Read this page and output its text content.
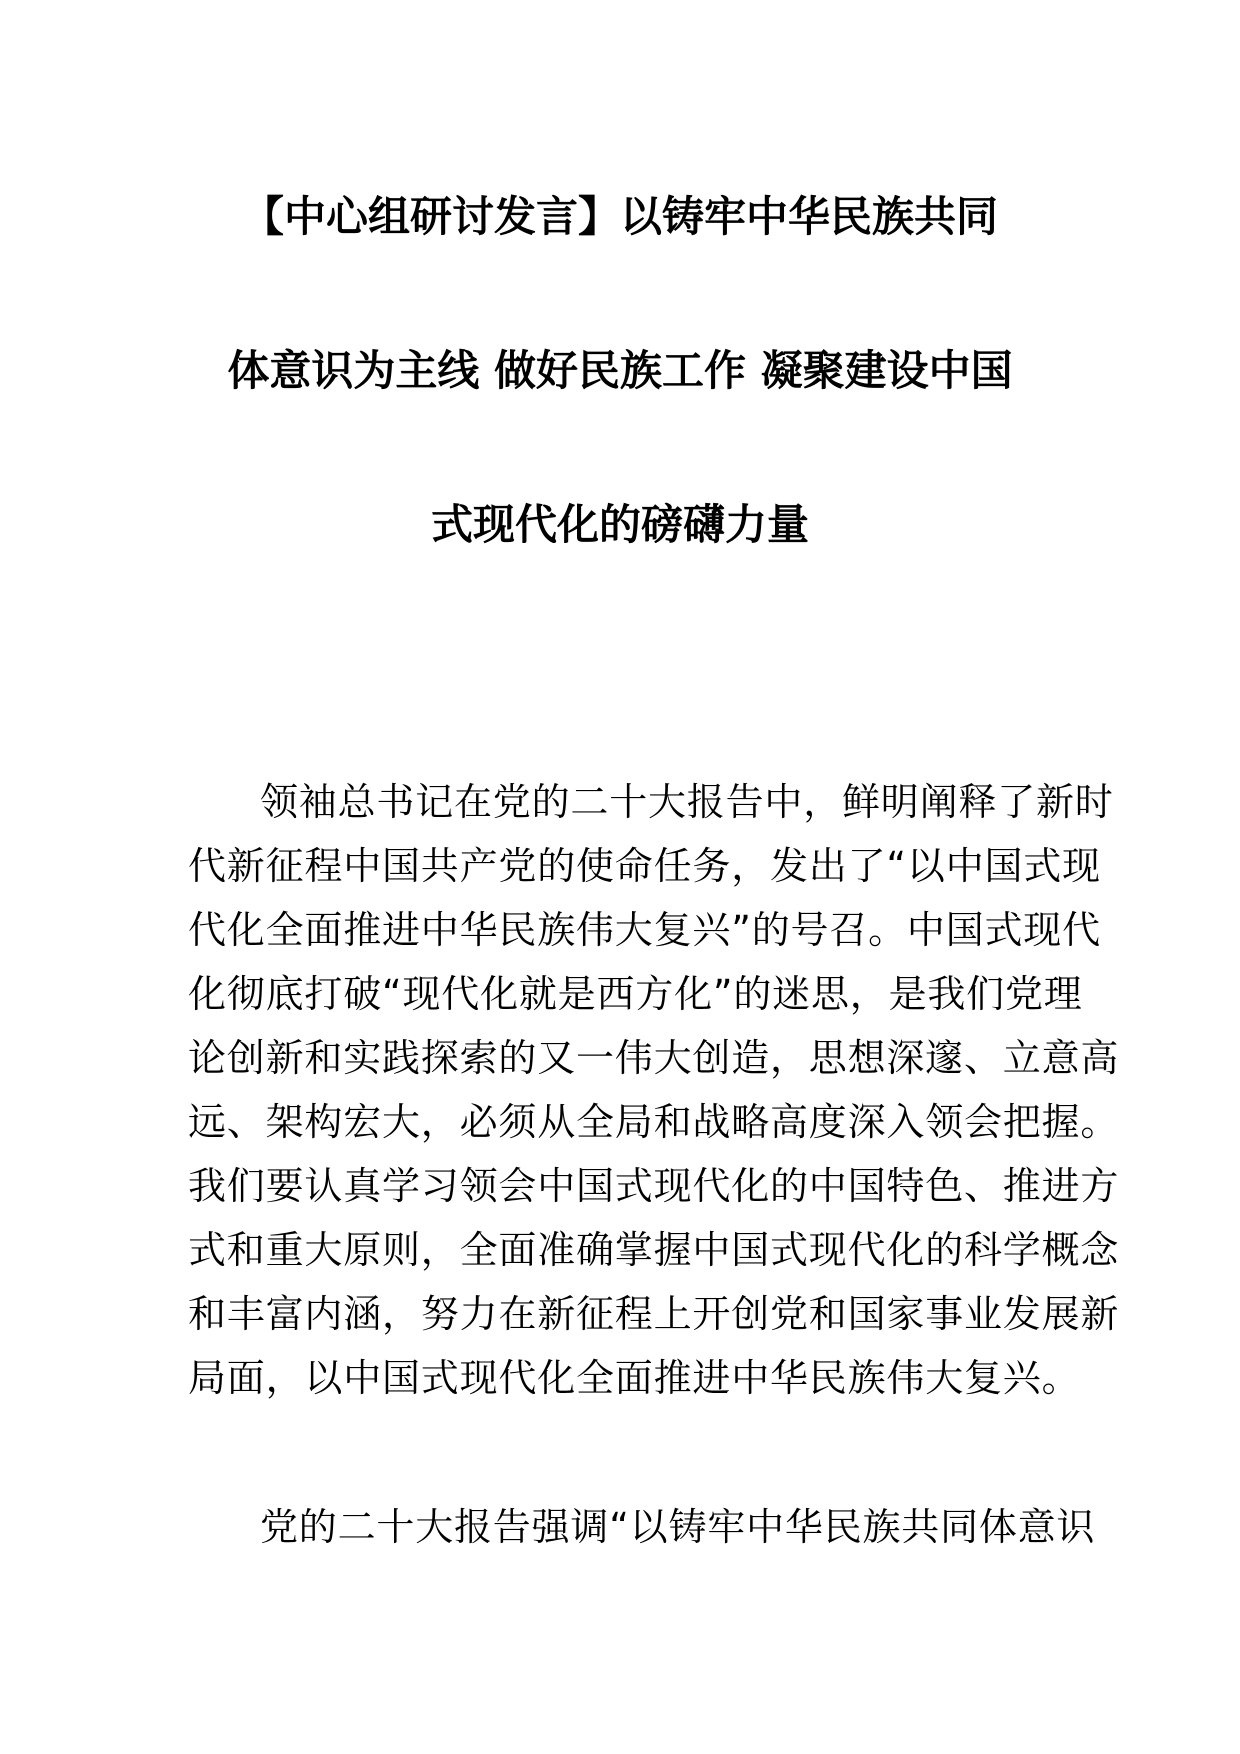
【中心组研讨发言】以铸牢中华民族共同
体意识为主线 做好民族工作 凝聚建设中国
式现代化的磅礴力量
领袖总书记在党的二十大报告中，鲜明阐释了新时
代新征程中国共产党的使命任务，发出了“以中国式现
代化全面推进中华民族伟大复兴”的号召。中国式现代
化彻底打破“现代化就是西方化”的迷思，是我们党理
论创新和实践探索的又一伟大创造，思想深邃、立意高
远、架构宏大，必须从全局和战略高度深入领会把握。
我们要认真学习领会中国式现代化的中国特色、推进方
式和重大原则，全面准确掌握中国式现代化的科学概念
和丰富内涵，努力在新征程上开创党和国家事业发展新
局面，以中国式现代化全面推进中华民族伟大复兴。
党的二十大报告强调“以铸牢中华民族共同体意识
